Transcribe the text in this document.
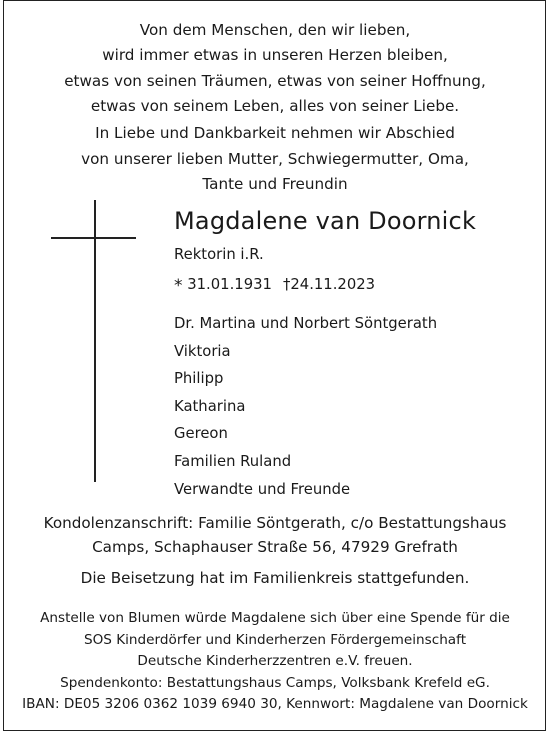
Von dem Menschen, den wir lieben,
wird immer etwas in unseren Herzen bleiben,
etwas von seinen Träumen, etwas von seiner Hoffnung,
etwas von seinem Leben, alles von seiner Liebe.
In Liebe und Dankbarkeit nehmen wir Abschied
von unserer lieben Mutter, Schwiegermutter, Oma,
Tante und Freundin
Magdalene van Doornick
Rektorin i.R.
* 31.01.1931 †24.11.2023
Dr. Martina und Norbert Söntgerath
Viktoria
Philipp
Katharina
Gereon
Familien Ruland
Verwandte und Freunde
Kondolenzanschrift: Familie Söntgerath, c/o Bestattungshaus
Camps, Schaphauser Straße 56, 47929 Grefrath
Die Beisetzung hat im Familienkreis stattgefunden.
Anstelle von Blumen würde Magdalene sich über eine Spende für die
SOS Kinderdörfer und Kinderherzen Fördergemeinschaft
Deutsche Kinderherzzentren e.V. freuen.
Spendenkonto: Bestattungshaus Camps, Volksbank Krefeld eG.
IBAN: DE05 3206 0362 1039 6940 30, Kennwort: Magdalene van Doornick
